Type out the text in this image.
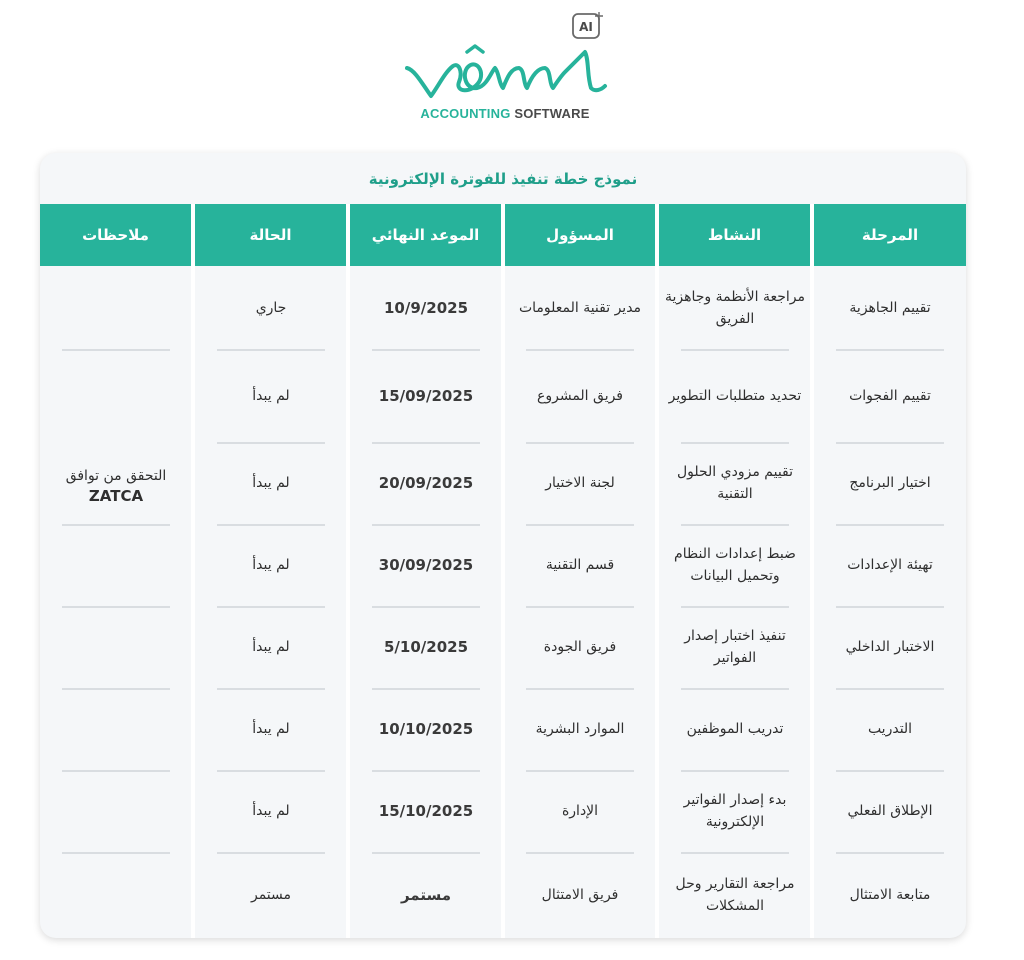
AI
ACCOUNTING SOFTWARE
نموذج خطة تنفيذ للفوترة الإلكترونية
المرحلة
النشاط
المسؤول
الموعد النهائي
الحالة
ملاحظات
تقييم الجاهزية
مراجعة الأنظمة وجاهزية الفريق
مدير تقنية المعلومات
10/9/2025
جاري
تقييم الفجوات
تحديد متطلبات التطوير
فريق المشروع
15/09/2025
لم يبدأ
اختيار البرنامج
تقييم مزودي الحلول التقنية
لجنة الاختيار
20/09/2025
لم يبدأ
تهيئة الإعدادات
ضبط إعدادات النظام وتحميل البيانات
قسم التقنية
30/09/2025
لم يبدأ
الاختبار الداخلي
تنفيذ اختبار إصدار الفواتير
فريق الجودة
5/10/2025
لم يبدأ
التدريب
تدريب الموظفين
الموارد البشرية
10/10/2025
لم يبدأ
الإطلاق الفعلي
بدء إصدار الفواتير الإلكترونية
الإدارة
15/10/2025
لم يبدأ
متابعة الامتثال
مراجعة التقارير وحل المشكلات
فريق الامتثال
مستمر
مستمر
التحقق من توافق
ZATCA
